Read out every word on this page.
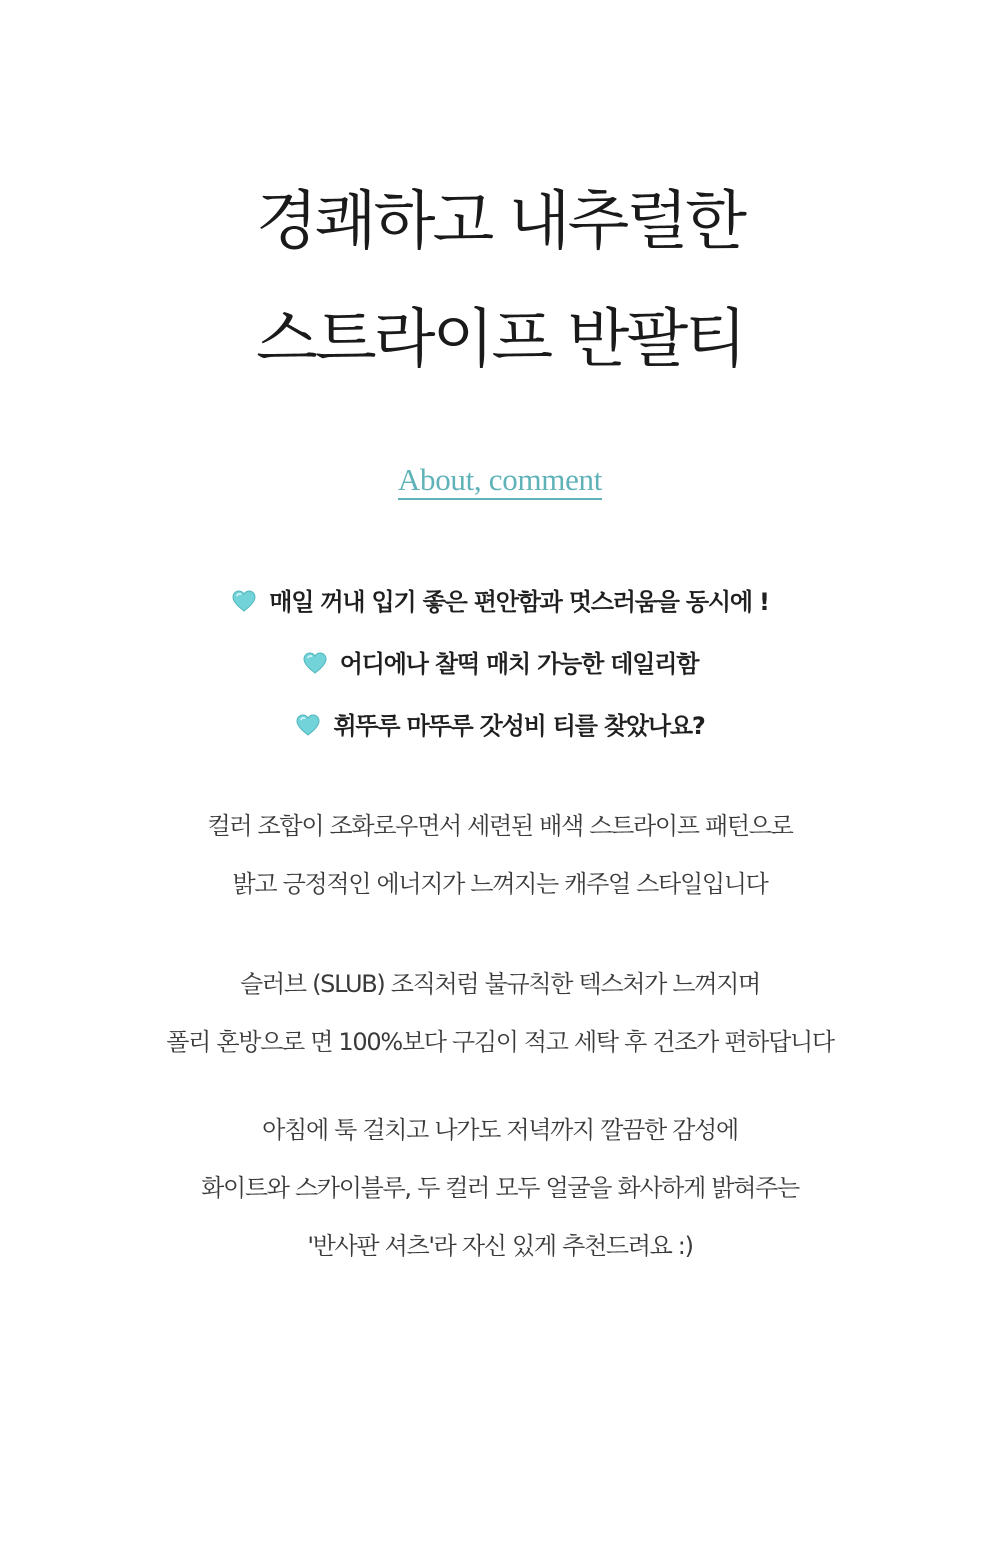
경쾌하고 내추럴한
스트라이프 반팔티
About, comment
매일 꺼내 입기 좋은 편안함과 멋스러움을 동시에 !
어디에나 찰떡 매치 가능한 데일리함
휘뚜루 마뚜루 갓성비 티를 찾았나요?
컬러 조합이 조화로우면서 세련된 배색 스트라이프 패턴으로
밝고 긍정적인 에너지가 느껴지는 캐주얼 스타일입니다
슬러브 (SLUB) 조직처럼 불규칙한 텍스처가 느껴지며
폴리 혼방으로 면 100%보다 구김이 적고 세탁 후 건조가 편하답니다
아침에 툭 걸치고 나가도 저녁까지 깔끔한 감성에
화이트와 스카이블루, 두 컬러 모두 얼굴을 화사하게 밝혀주는
'반사판 셔츠'라 자신 있게 추천드려요 :)
